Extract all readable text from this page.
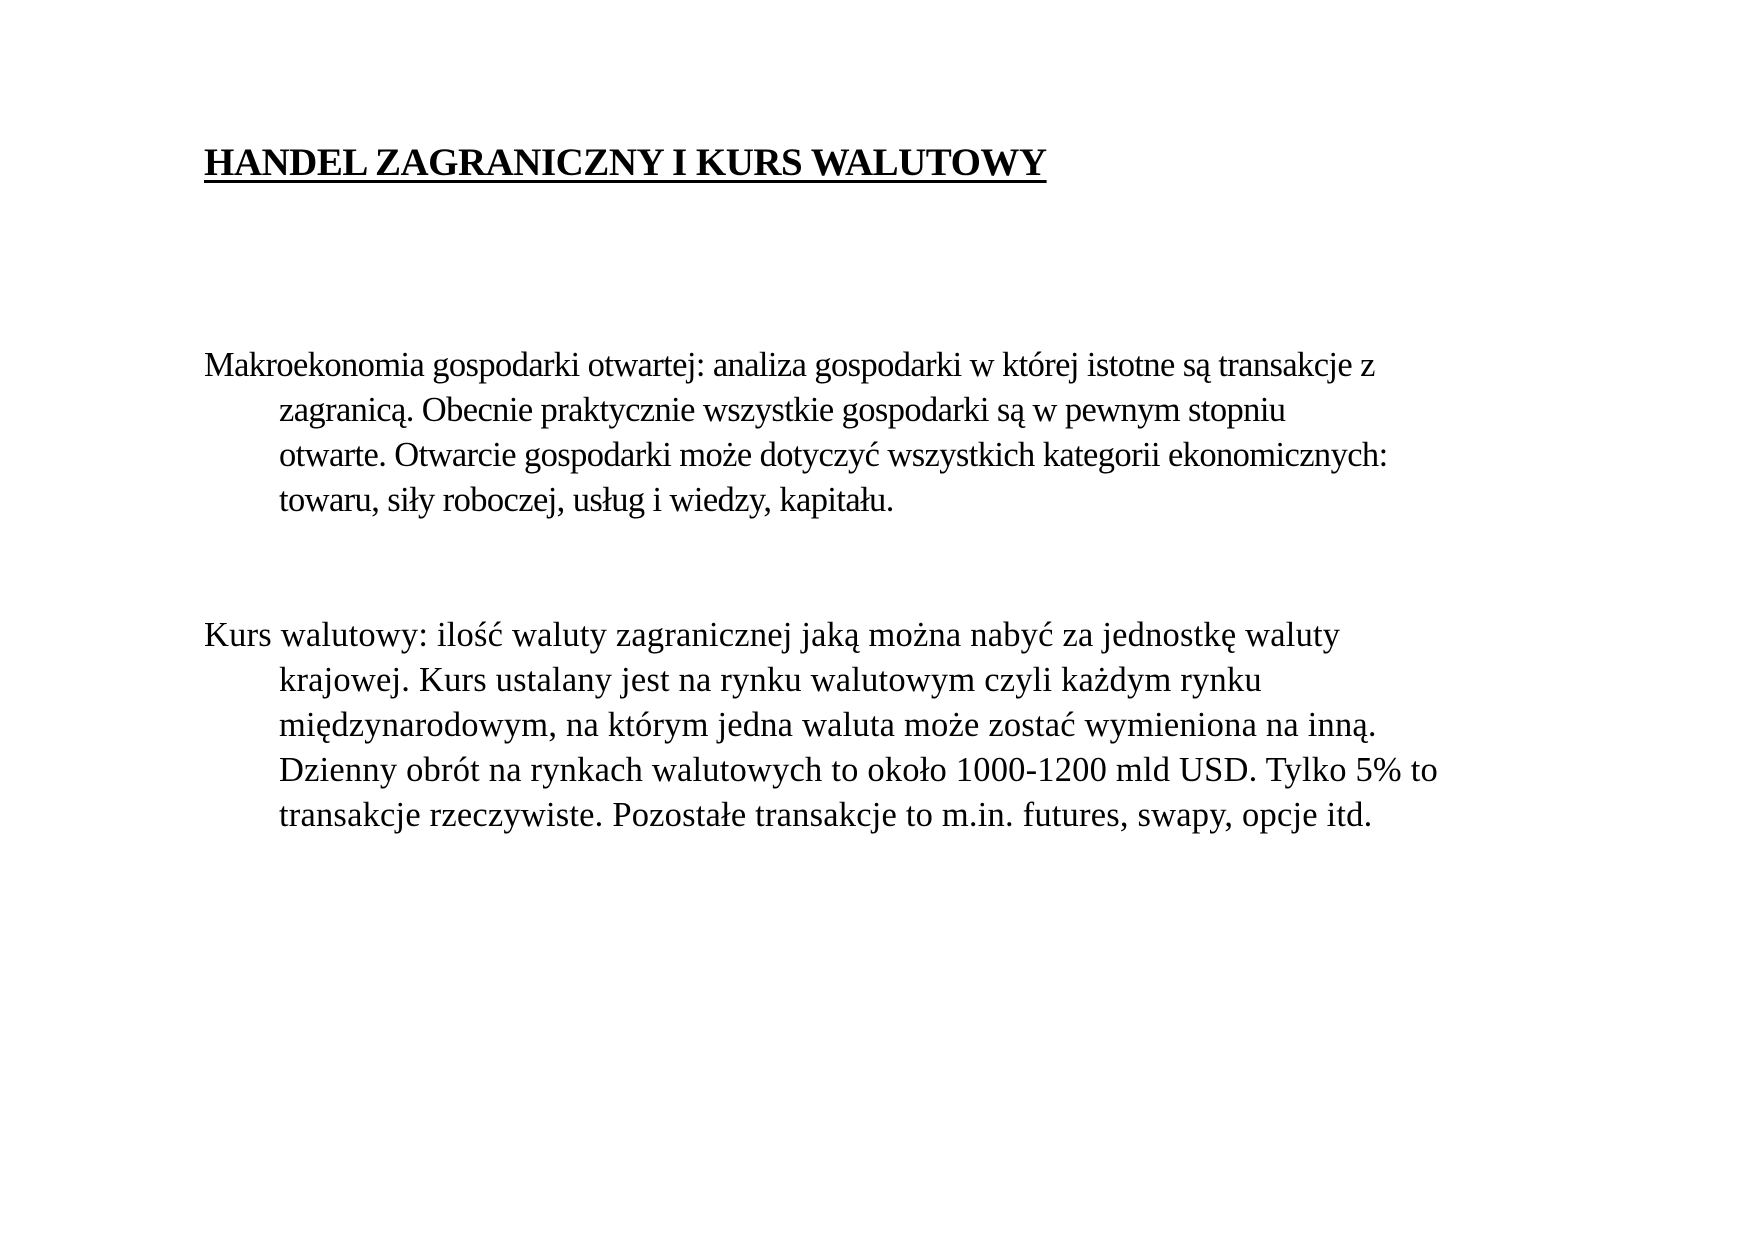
HANDEL ZAGRANICZNY I KURS WALUTOWY

Makroekonomia gospodarki otwartej: analiza gospodarki w której istotne są transakcje z
zagranicą. Obecnie praktycznie wszystkie gospodarki są w pewnym stopniu
otwarte. Otwarcie gospodarki może dotyczyć wszystkich kategorii ekonomicznych:
towaru, siły roboczej, usług i wiedzy, kapitału.

Kurs walutowy: ilość waluty zagranicznej jaką można nabyć za jednostkę waluty
krajowej. Kurs ustalany jest na rynku walutowym czyli każdym rynku
międzynarodowym, na którym jedna waluta może zostać wymieniona na inną.
Dzienny obrót na rynkach walutowych to około 1000-1200 mld USD. Tylko 5% to
transakcje rzeczywiste. Pozostałe transakcje to m.in. futures, swapy, opcje itd.
